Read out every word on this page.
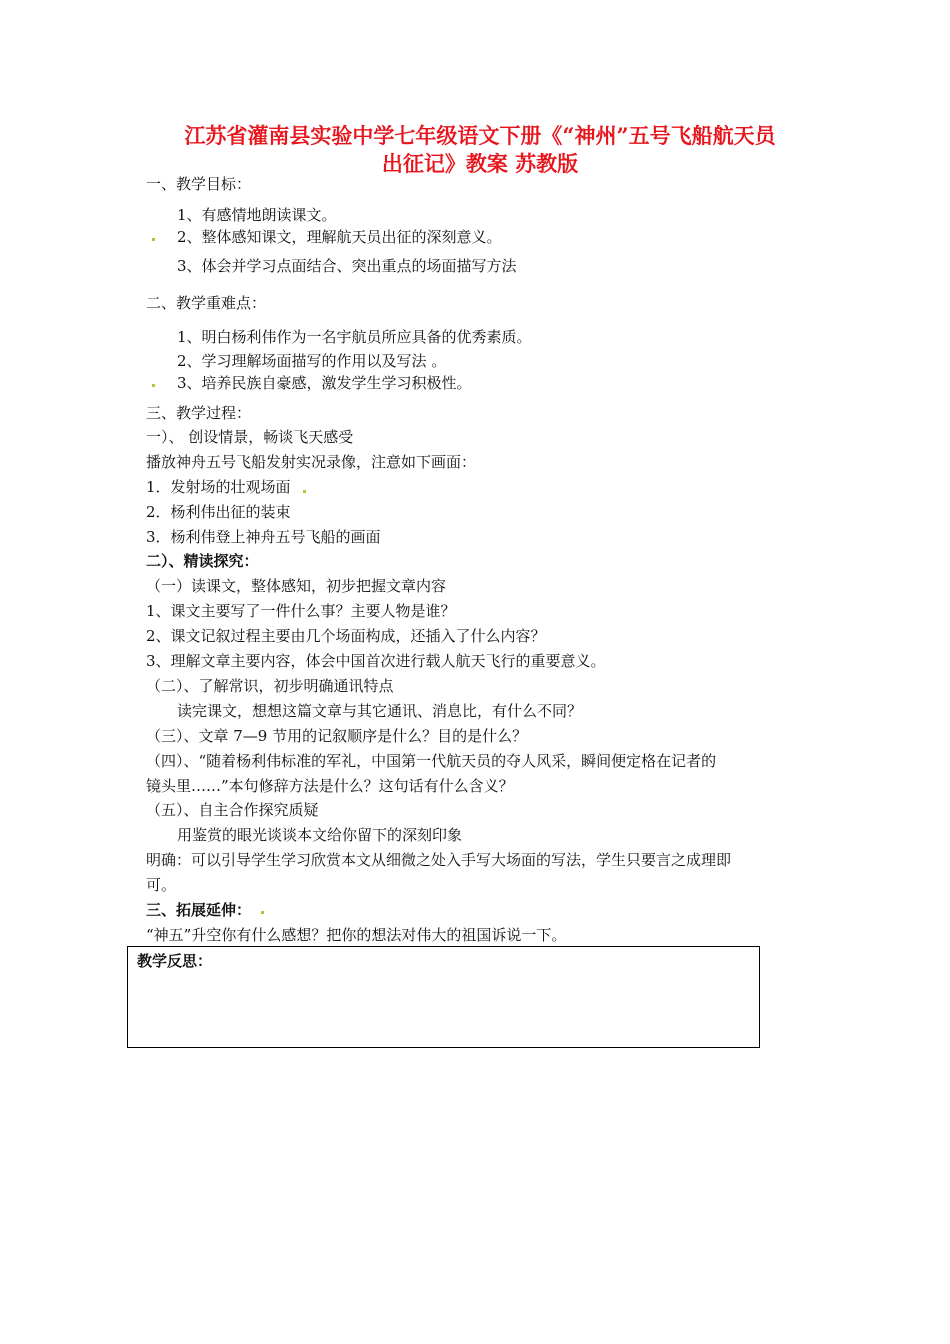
江苏省灌南县实验中学七年级语文下册《“神州”五号飞船航天员
出征记》教案 苏教版

一、教学目标：

1、有感情地朗读课文。

2、整体感知课文，理解航天员出征的深刻意义。

3、体会并学习点面结合、突出重点的场面描写方法

二、教学重难点：

1、明白杨利伟作为一名宇航员所应具备的优秀素质。

2、学习理解场面描写的作用以及写法 。

3、培养民族自豪感，激发学生学习积极性。

三、教学过程：

一）、 创设情景，畅谈飞天感受

播放神舟五号飞船发射实况录像，注意如下画面：

1．发射场的壮观场面

2．杨利伟出征的装束

3．杨利伟登上神舟五号飞船的画面

二）、精读探究：

（一）读课文，整体感知，初步把握文章内容

1、课文主要写了一件什么事？主要人物是谁？

2、课文记叙过程主要由几个场面构成，还插入了什么内容？

3、理解文章主要内容，体会中国首次进行载人航天飞行的重要意义。

（二）、了解常识，初步明确通讯特点

读完课文，想想这篇文章与其它通讯、消息比，有什么不同？

（三）、文章 7—9 节用的记叙顺序是什么？目的是什么？

（四）、“随着杨利伟标准的军礼，中国第一代航天员的夺人风采，瞬间便定格在记者的

镜头里……”本句修辞方法是什么？这句话有什么含义？

（五）、自主合作探究质疑

用鉴赏的眼光谈谈本文给你留下的深刻印象

明确：可以引导学生学习欣赏本文从细微之处入手写大场面的写法，学生只要言之成理即

可。

三、拓展延伸：

“神五”升空你有什么感想？把你的想法对伟大的祖国诉说一下。

教学反思：
